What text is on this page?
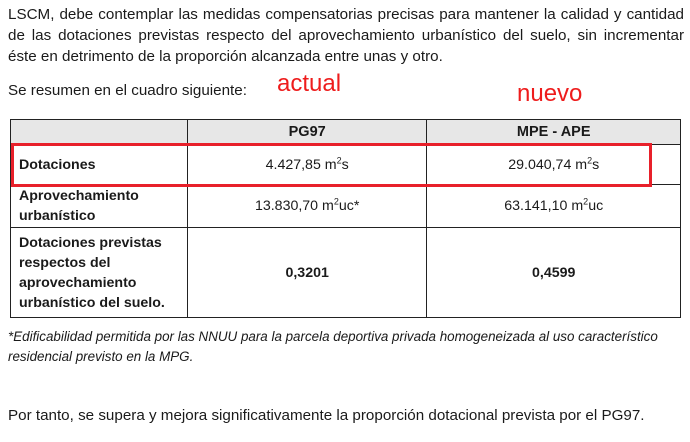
LSCM, debe contemplar las medidas compensatorias precisas para mantener la calidad y cantidad de las dotaciones previstas respecto del aprovechamiento urbanístico del suelo, sin incrementar éste en detrimento de la proporción alcanzada entre unas y otro.

Se resumen en el cuadro siguiente: actual	nuevo
	PG97	MPE - APE
Dotaciones	4.427,85 $m^2s$	29.040,74 $m^2s$
Aprovechamiento urbanístico	13.830,70 $m^2uc*$	63.141,10 $m^2uc$
Dotaciones previstas respectos del aprovechamiento urbanístico del suelo.	0,3201	0,4599

*Edificabilidad permitida por las NNUU para la parcela deportiva privada homogeneizada al uso característico residencial previsto en la MPG.

Por tanto, se supera y mejora significativamente la proporción dotacional prevista por el PG97.
